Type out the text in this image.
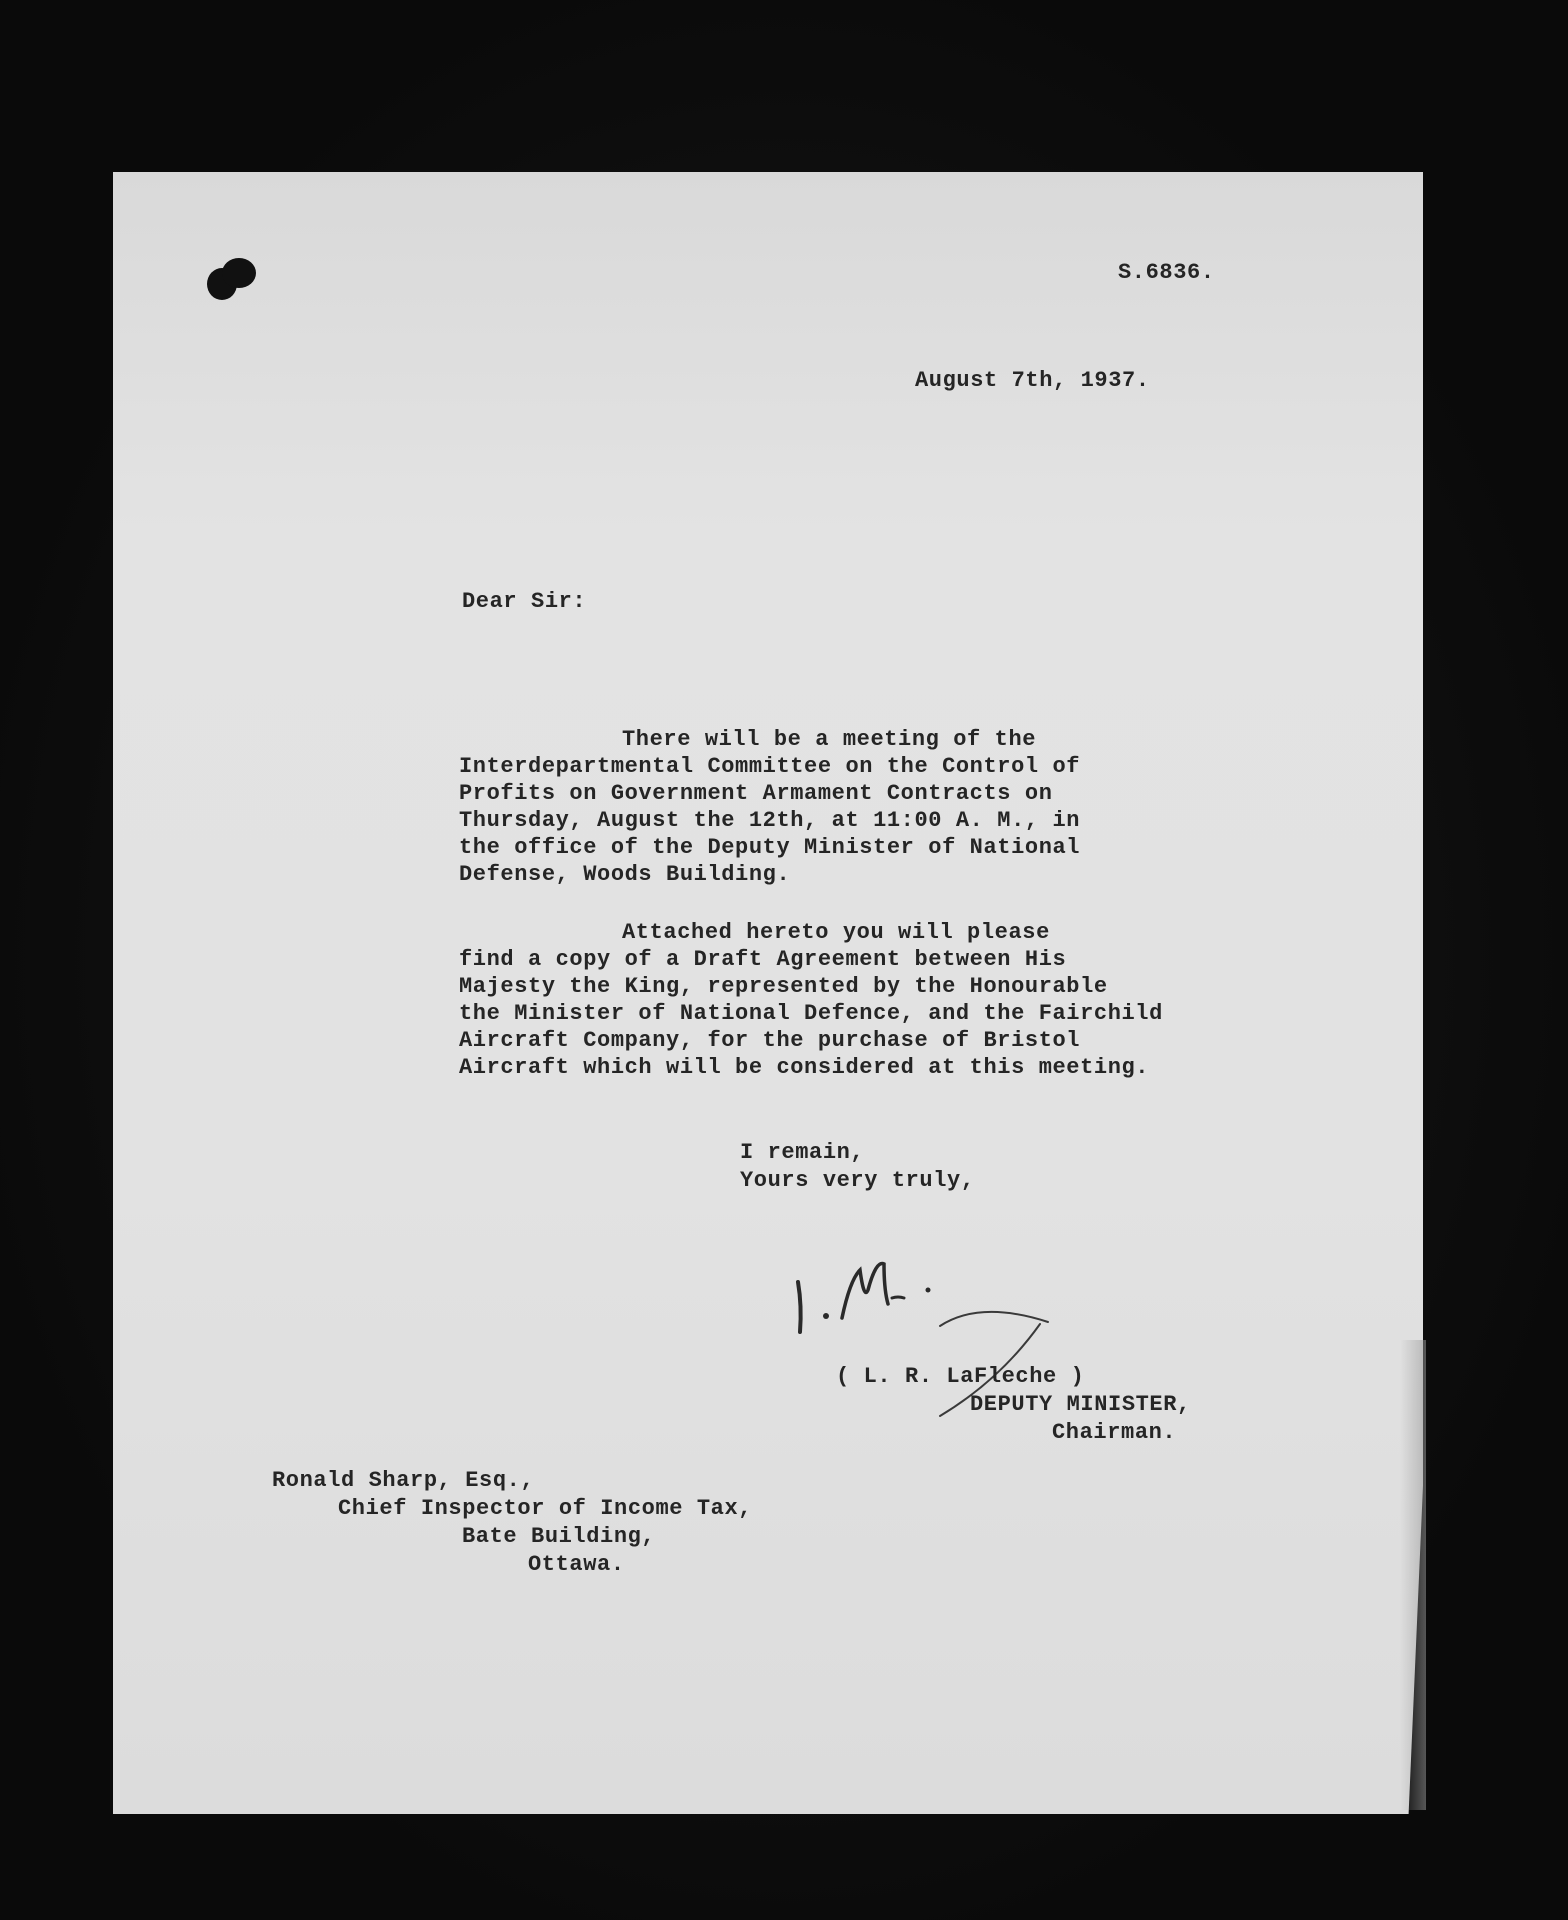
S.6836.

August 7th, 1937.

Dear Sir:

There will be a meeting of the

Interdepartmental Committee on the Control of

Profits on Government Armament Contracts on

Thursday, August the 12th, at 11:00 A. M., in

the office of the Deputy Minister of National

Defense, Woods Building.

Attached hereto you will please

find a copy of a Draft Agreement between His

Majesty the King, represented by the Honourable

the Minister of National Defence, and the Fairchild

Aircraft Company, for the purchase of Bristol

Aircraft which will be considered at this meeting.

I remain,

Yours very truly,

( L. R. LaFleche )

DEPUTY MINISTER,

Chairman.

Ronald Sharp, Esq.,

Chief Inspector of Income Tax,

Bate Building,

Ottawa.
